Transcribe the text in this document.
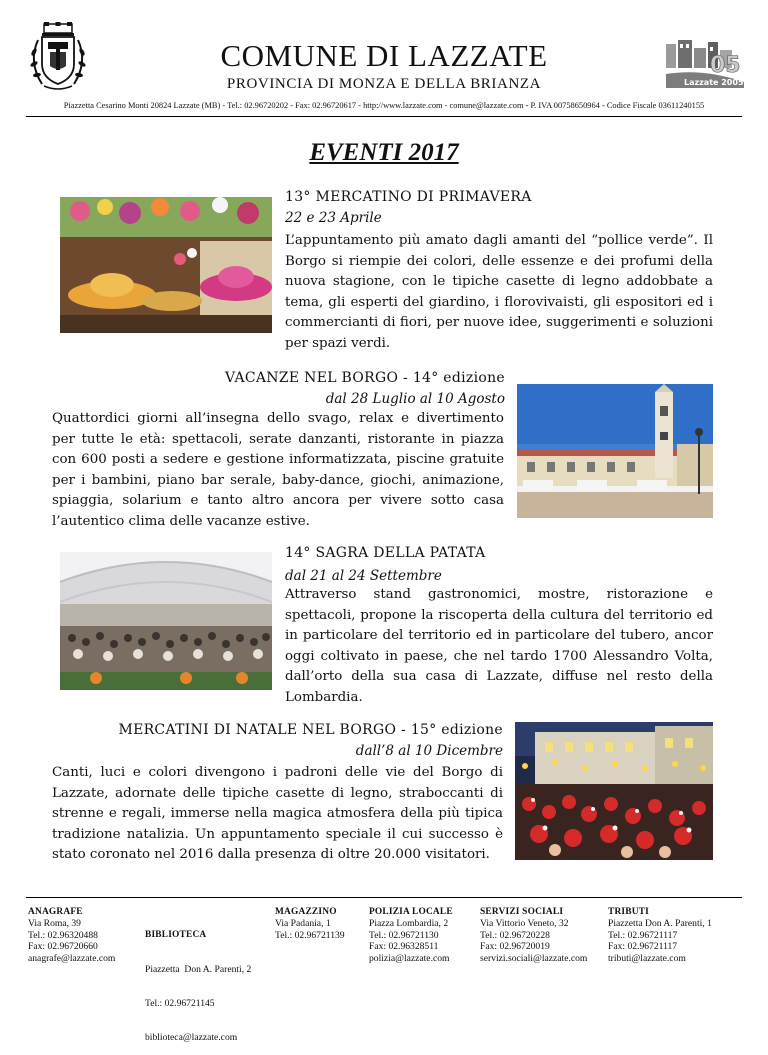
COMUNE DI LAZZATE
PROVINCIA DI MONZA E DELLA BRIANZA
05
Lazzate 2005
Piazzetta Cesarino Monti 20824 Lazzate (MB) - Tel.: 02.96720202 - Fax: 02.96720617 - http://www.lazzate.com - comune@lazzate.com - P. IVA 00758650964 - Codice Fiscale 03611240155
EVENTI 2017
13° MERCATINO DI PRIMAVERA
22 e 23 Aprile
L’appuntamento più amato dagli amanti del “pollice verde”. Il Borgo si riempie dei colori, delle essenze e dei profumi della nuova stagione, con le tipiche casette di legno addobbate a tema, gli esperti del giardino, i florovivaisti, gli espositori ed i commercianti di fiori, per nuove idee, suggerimenti e soluzioni per spazi verdi.
VACANZE NEL BORGO - 14° edizione
dal 28 Luglio al 10 Agosto
Quattordici giorni all’insegna dello svago, relax e divertimento per tutte le età: spettacoli, serate danzanti, ristorante in piazza con 600 posti a sedere e gestione informatizzata, piscine gratuite per i bambini, piano bar serale, baby-dance, giochi, animazione, spiaggia, solarium e tanto altro ancora per vivere sotto casa l’autentico clima delle vacanze estive.
14° SAGRA DELLA PATATA
dal 21 al 24 Settembre
Attraverso stand gastronomici, mostre, ristorazione e spettacoli, propone la riscoperta della cultura del territorio ed in particolare del territorio ed in particolare del tubero, ancor oggi coltivato in paese, che nel tardo 1700 Alessandro Volta, dall’orto della sua casa di Lazzate, diffuse nel resto della Lombardia.
MERCATINI DI NATALE NEL BORGO - 15° edizione
dall’8 al 10 Dicembre
Canti, luci e colori divengono i padroni delle vie del Borgo di Lazzate, adornate delle tipiche casette di legno, straboccanti di strenne e regali, immerse nella magica atmosfera della più tipica tradizione natalizia. Un appuntamento speciale il cui successo è stato coronato nel 2016 dalla presenza di oltre 20.000 visitatori.
ANAGRAFE
Via Roma, 39
Tel.: 02.96320488
Fax: 02.96720660
anagrafe@lazzate.com

BIBLIOTECA

Piazzetta  Don A. Parenti, 2

Tel.: 02.96721145

biblioteca@lazzate.com

MAGAZZINO
Via Padania, 1
Tel.: 02.96721139
POLIZIA LOCALE
Piazza Lombardia, 2
Tel.: 02.96721130
Fax: 02.96328511
polizia@lazzate.com
SERVIZI SOCIALI
Via Vittorio Veneto, 32
Tel.: 02.96720228
Fax: 02.96720019
servizi.sociali@lazzate.com
TRIBUTI
Piazzetta Don A. Parenti, 1
Tel.: 02.96721117
Fax: 02.96721117
tributi@lazzate.com
